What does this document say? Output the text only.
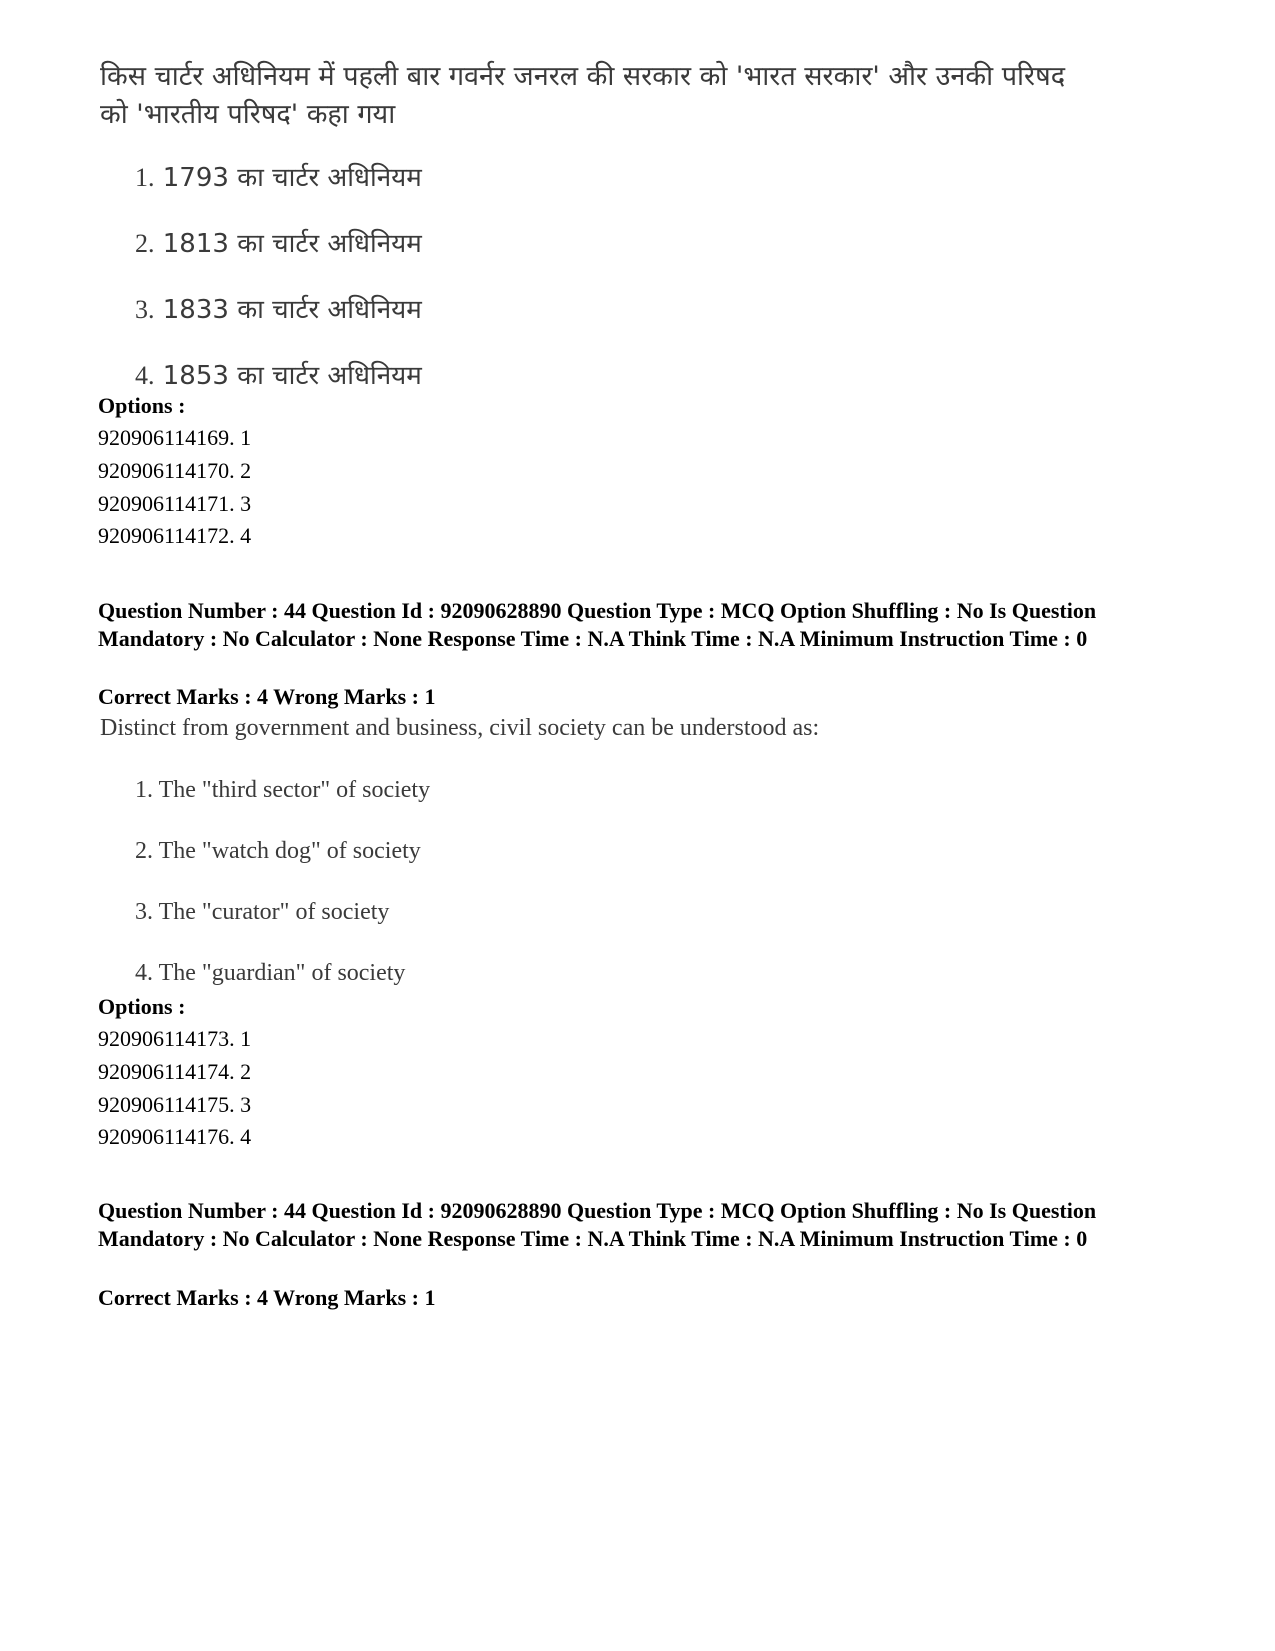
किस चार्टर अधिनियम में पहली बार गवर्नर जनरल की सरकार को 'भारत सरकार' और उनकी परिषद को 'भारतीय परिषद' कहा गया
1. 1793 का चार्टर अधिनियम
2. 1813 का चार्टर अधिनियम
3. 1833 का चार्टर अधिनियम
4. 1853 का चार्टर अधिनियम
Options :
920906114169. 1
920906114170. 2
920906114171. 3
920906114172. 4
Question Number : 44 Question Id : 92090628890 Question Type : MCQ Option Shuffling : No Is Question Mandatory : No Calculator : None Response Time : N.A Think Time : N.A Minimum Instruction Time : 0
Correct Marks : 4 Wrong Marks : 1
Distinct from government and business, civil society can be understood as:
1. The "third sector" of society
2. The "watch dog" of society
3. The "curator" of society
4. The "guardian" of society
Options :
920906114173. 1
920906114174. 2
920906114175. 3
920906114176. 4
Question Number : 44 Question Id : 92090628890 Question Type : MCQ Option Shuffling : No Is Question Mandatory : No Calculator : None Response Time : N.A Think Time : N.A Minimum Instruction Time : 0
Correct Marks : 4 Wrong Marks : 1
